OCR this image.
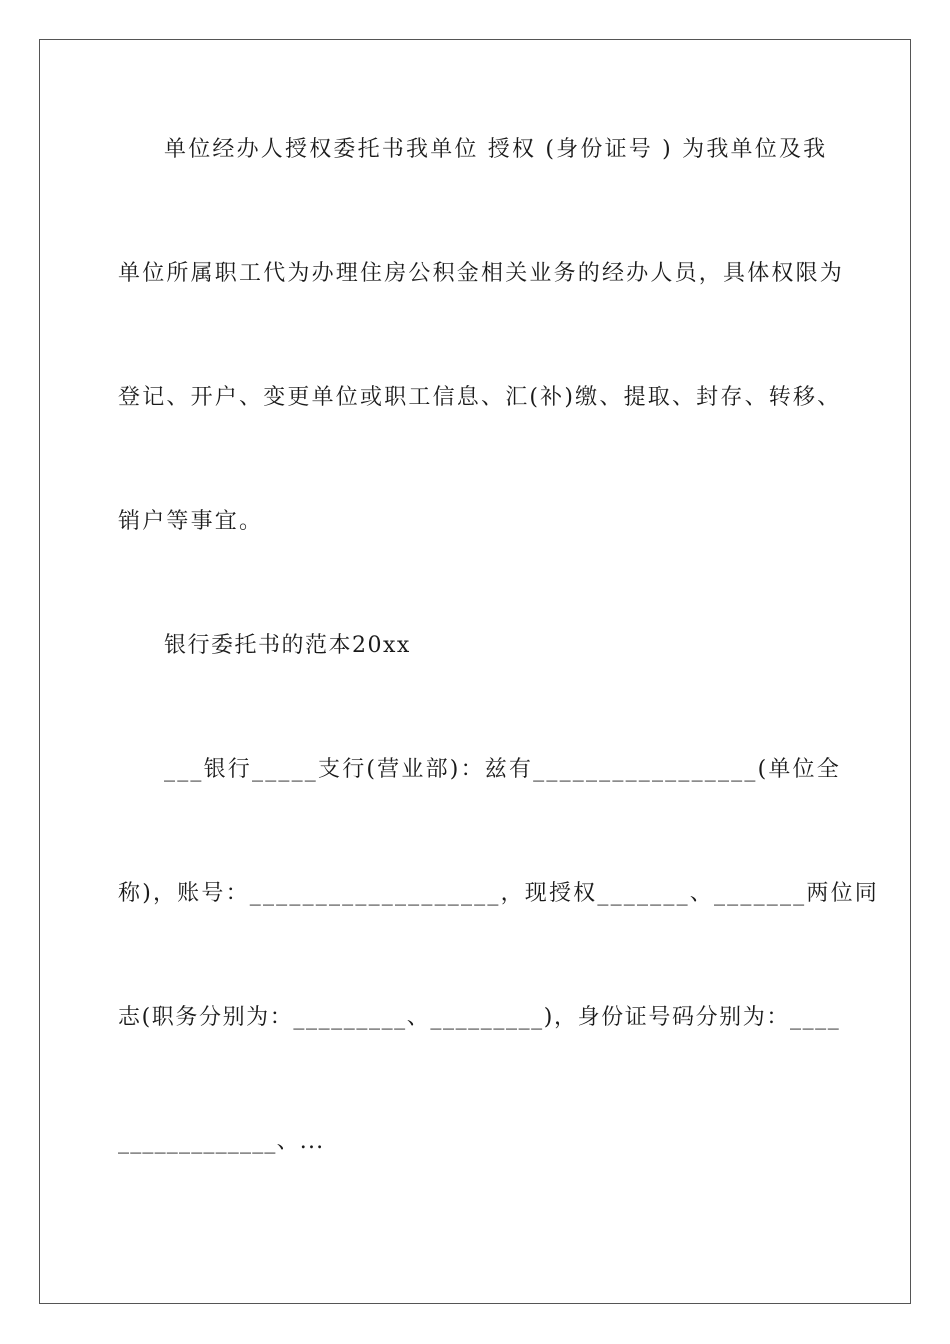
单位经办人授权委托书我单位 授权 (身份证号 ) 为我单位及我
单位所属职工代为办理住房公积金相关业务的经办人员，具体权限为
登记、开户、变更单位或职工信息、汇(补)缴、提取、封存、转移、
销户等事宜。
银行委托书的范本20xx
___银行_____支行(营业部)：兹有_________________(单位全
称)，账号：___________________，现授权_______、_______两位同
志(职务分别为：_________、_________)，身份证号码分别为：____
_____________、...
